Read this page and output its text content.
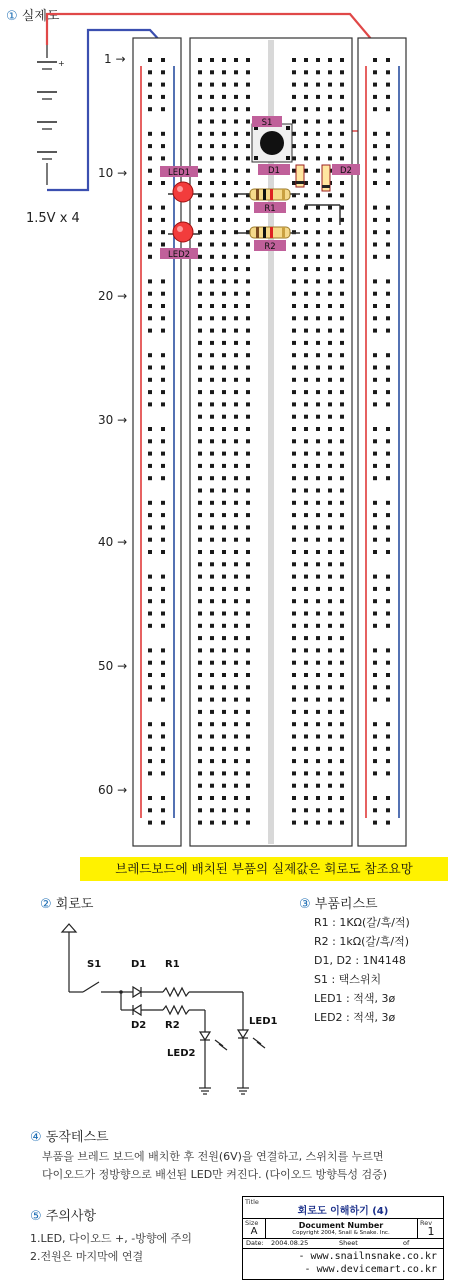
① 실제도
+
S1
D1	D2
R1
R2
LED1
LED2
1 →
10 →
20 →
30 →
40 →
50 →
60 →
1.5V x 4
브레드보드에 배치된 부품의 실제값은 회로도 참조요망
② 회로도
S1	D1 R1
D2 R2	LED1
LED2
③ 부품리스트
R1 : 1KΩ(갈/흑/적)
R2 : 1kΩ(갈/흑/적)
D1, D2 : 1N4148
S1 : 택스위치
LED1 : 적색, 3ø
LED2 : 적색, 3ø
④ 동작테스트
부품을 브레드 보드에 배치한 후 전원(6V)을 연결하고, 스위치를 누르면
다이오드가 정방향으로 배선된 LED만 켜진다. (다이오드 방향특성 검증)
⑤ 주의사항
1.LED, 다이오드 +, -방향에 주의
2.전원은 마지막에 연결
Title
회로도 이해하기 (4)
Size
A
Document Number
Copyright 2004, Snail & Snake. Inc.
Rev
1
Date: 2004.08.25	Sheet	of
- www.snailnsnake.co.kr
- www.devicemart.co.kr
